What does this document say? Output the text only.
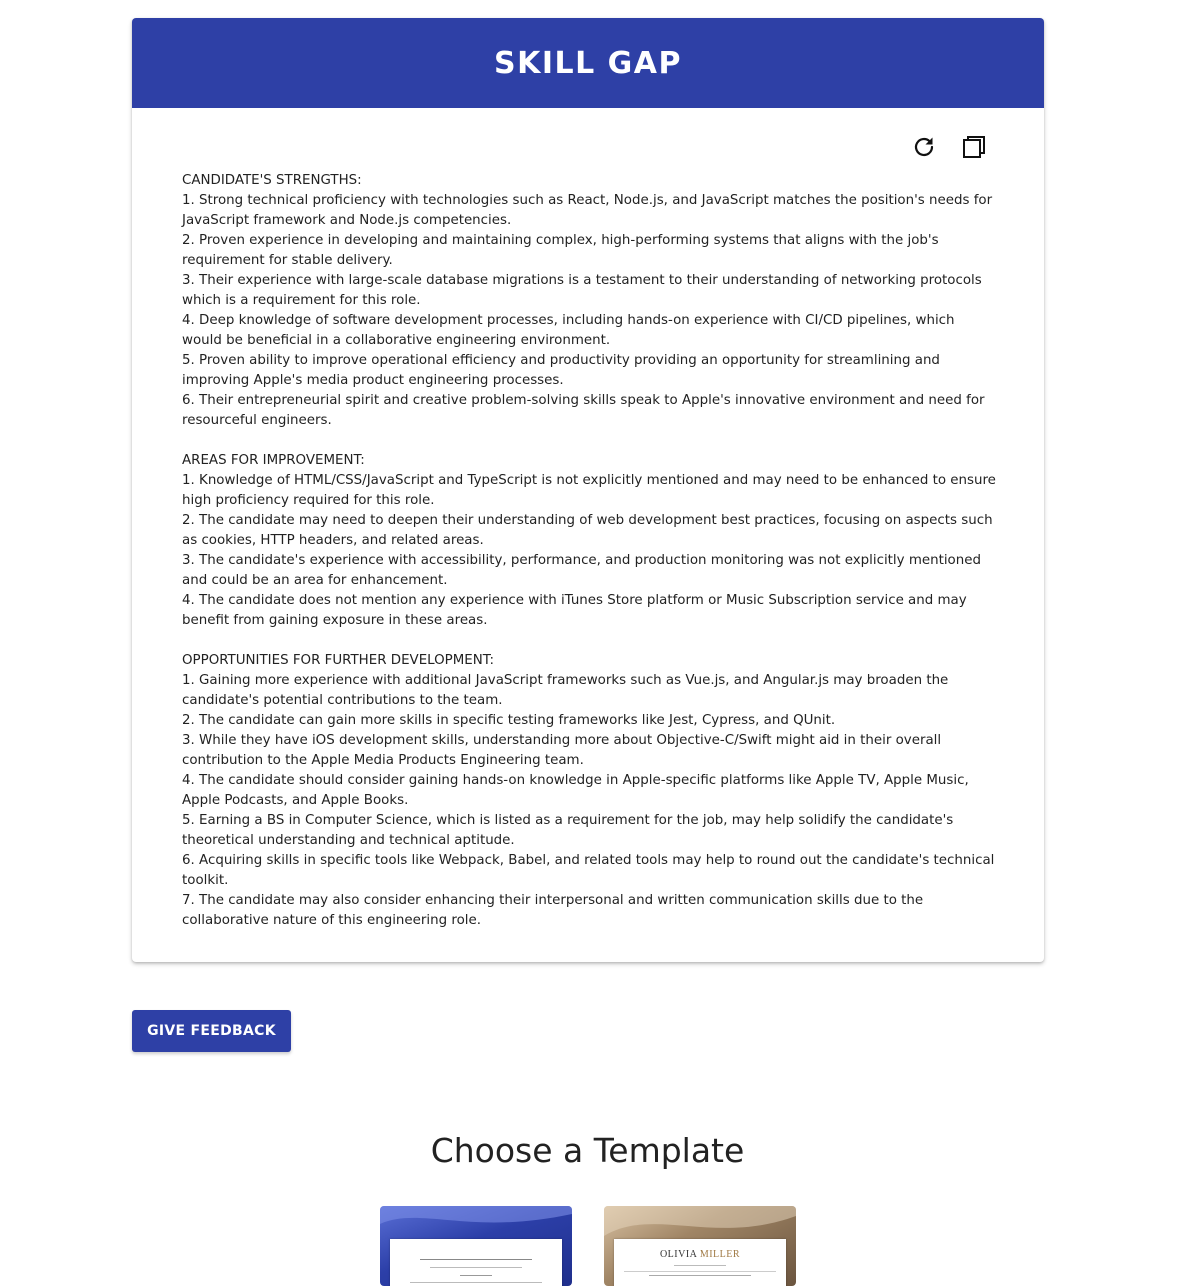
SKILL GAP

CANDIDATE'S STRENGTHS:

1. Strong technical proficiency with technologies such as React, Node.js, and JavaScript matches the position's needs for JavaScript framework and Node.js competencies.

2. Proven experience in developing and maintaining complex, high-performing systems that aligns with the job's requirement for stable delivery.

3. Their experience with large-scale database migrations is a testament to their understanding of networking protocols which is a requirement for this role.

4. Deep knowledge of software development processes, including hands-on experience with CI/CD pipelines, which would be beneficial in a collaborative engineering environment.

5. Proven ability to improve operational efficiency and productivity providing an opportunity for streamlining and improving Apple's media product engineering processes.

6. Their entrepreneurial spirit and creative problem-solving skills speak to Apple's innovative environment and need for resourceful engineers.

AREAS FOR IMPROVEMENT:

1. Knowledge of HTML/CSS/JavaScript and TypeScript is not explicitly mentioned and may need to be enhanced to ensure high proficiency required for this role.

2. The candidate may need to deepen their understanding of web development best practices, focusing on aspects such as cookies, HTTP headers, and related areas.

3. The candidate's experience with accessibility, performance, and production monitoring was not explicitly mentioned and could be an area for enhancement.

4. The candidate does not mention any experience with iTunes Store platform or Music Subscription service and may benefit from gaining exposure in these areas.

OPPORTUNITIES FOR FURTHER DEVELOPMENT:

1. Gaining more experience with additional JavaScript frameworks such as Vue.js, and Angular.js may broaden the candidate's potential contributions to the team.

2. The candidate can gain more skills in specific testing frameworks like Jest, Cypress, and QUnit.

3. While they have iOS development skills, understanding more about Objective-C/Swift might aid in their overall contribution to the Apple Media Products Engineering team.

4. The candidate should consider gaining hands-on knowledge in Apple-specific platforms like Apple TV, Apple Music, Apple Podcasts, and Apple Books.

5. Earning a BS in Computer Science, which is listed as a requirement for the job, may help solidify the candidate's theoretical understanding and technical aptitude.

6. Acquiring skills in specific tools like Webpack, Babel, and related tools may help to round out the candidate's technical toolkit.

7. The candidate may also consider enhancing their interpersonal and written communication skills due to the collaborative nature of this engineering role.

GIVE FEEDBACK
Choose a Template
OLIVIA MILLER
